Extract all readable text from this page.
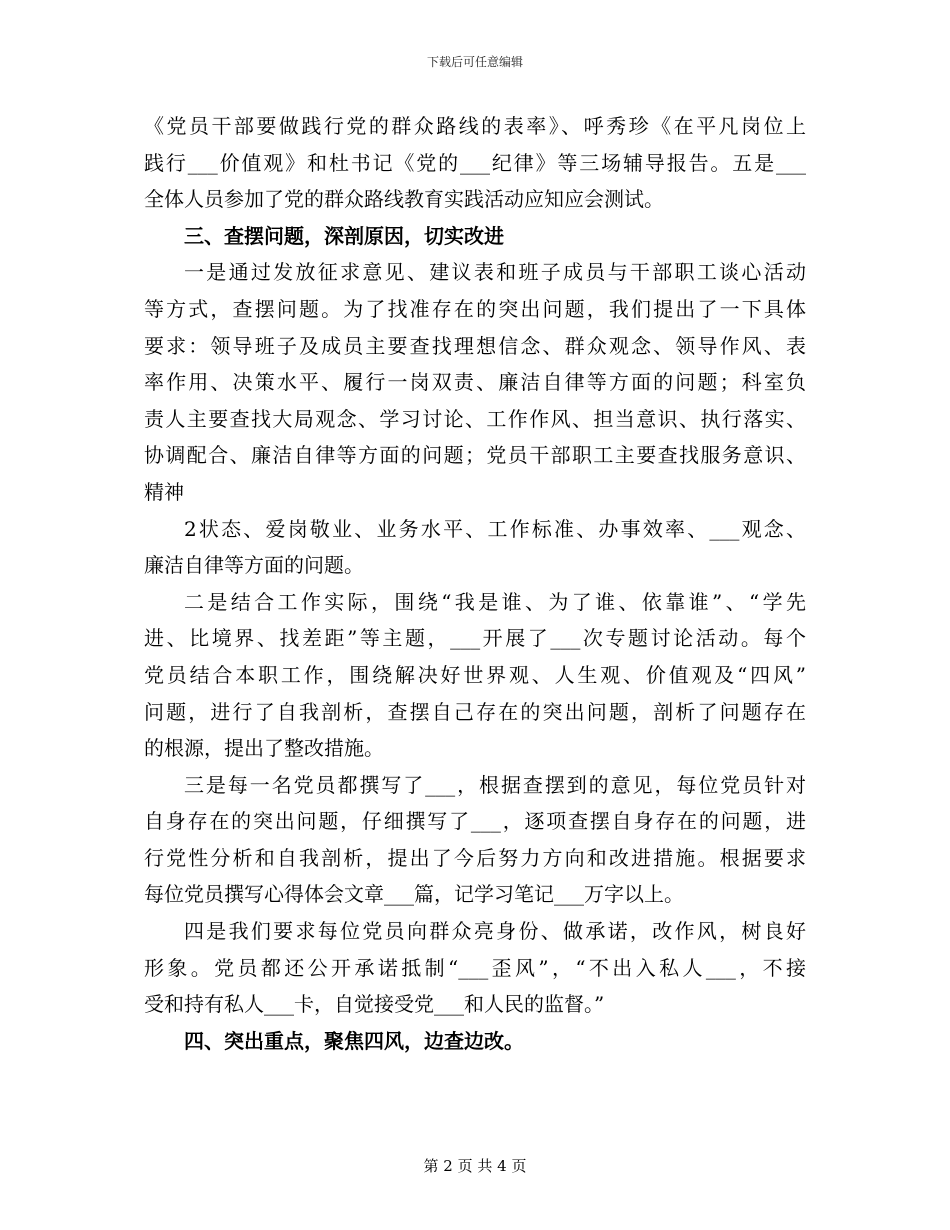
下载后可任意编辑
《党员干部要做践行党的群众路线的表率》、呼秀珍《在平凡岗位上
践行___价值观》和杜书记《党的___纪律》等三场辅导报告。五是___
全体人员参加了党的群众路线教育实践活动应知应会测试。
三、查摆问题，深剖原因，切实改进
一是通过发放征求意见、建议表和班子成员与干部职工谈心活动
等方式，查摆问题。为了找准存在的突出问题，我们提出了一下具体
要求：领导班子及成员主要查找理想信念、群众观念、领导作风、表
率作用、决策水平、履行一岗双责、廉洁自律等方面的问题；科室负
责人主要查找大局观念、学习讨论、工作作风、担当意识、执行落实、
协调配合、廉洁自律等方面的问题；党员干部职工主要查找服务意识、
精神
2状态、爱岗敬业、业务水平、工作标准、办事效率、___观念、
廉洁自律等方面的问题。
二是结合工作实际，围绕“我是谁、为了谁、依靠谁”、“学先
进、比境界、找差距”等主题，___开展了___次专题讨论活动。每个
党员结合本职工作，围绕解决好世界观、人生观、价值观及“四风”
问题，进行了自我剖析，查摆自己存在的突出问题，剖析了问题存在
的根源，提出了整改措施。
三是每一名党员都撰写了___，根据查摆到的意见，每位党员针对
自身存在的突出问题，仔细撰写了___，逐项查摆自身存在的问题，进
行党性分析和自我剖析，提出了今后努力方向和改进措施。根据要求
每位党员撰写心得体会文章___篇，记学习笔记___万字以上。
四是我们要求每位党员向群众亮身份、做承诺，改作风，树良好
形象。党员都还公开承诺抵制“___歪风”，“不出入私人___，不接
受和持有私人___卡，自觉接受党___和人民的监督。”
四、突出重点，聚焦四风，边查边改。
第 2 页 共 4 页
